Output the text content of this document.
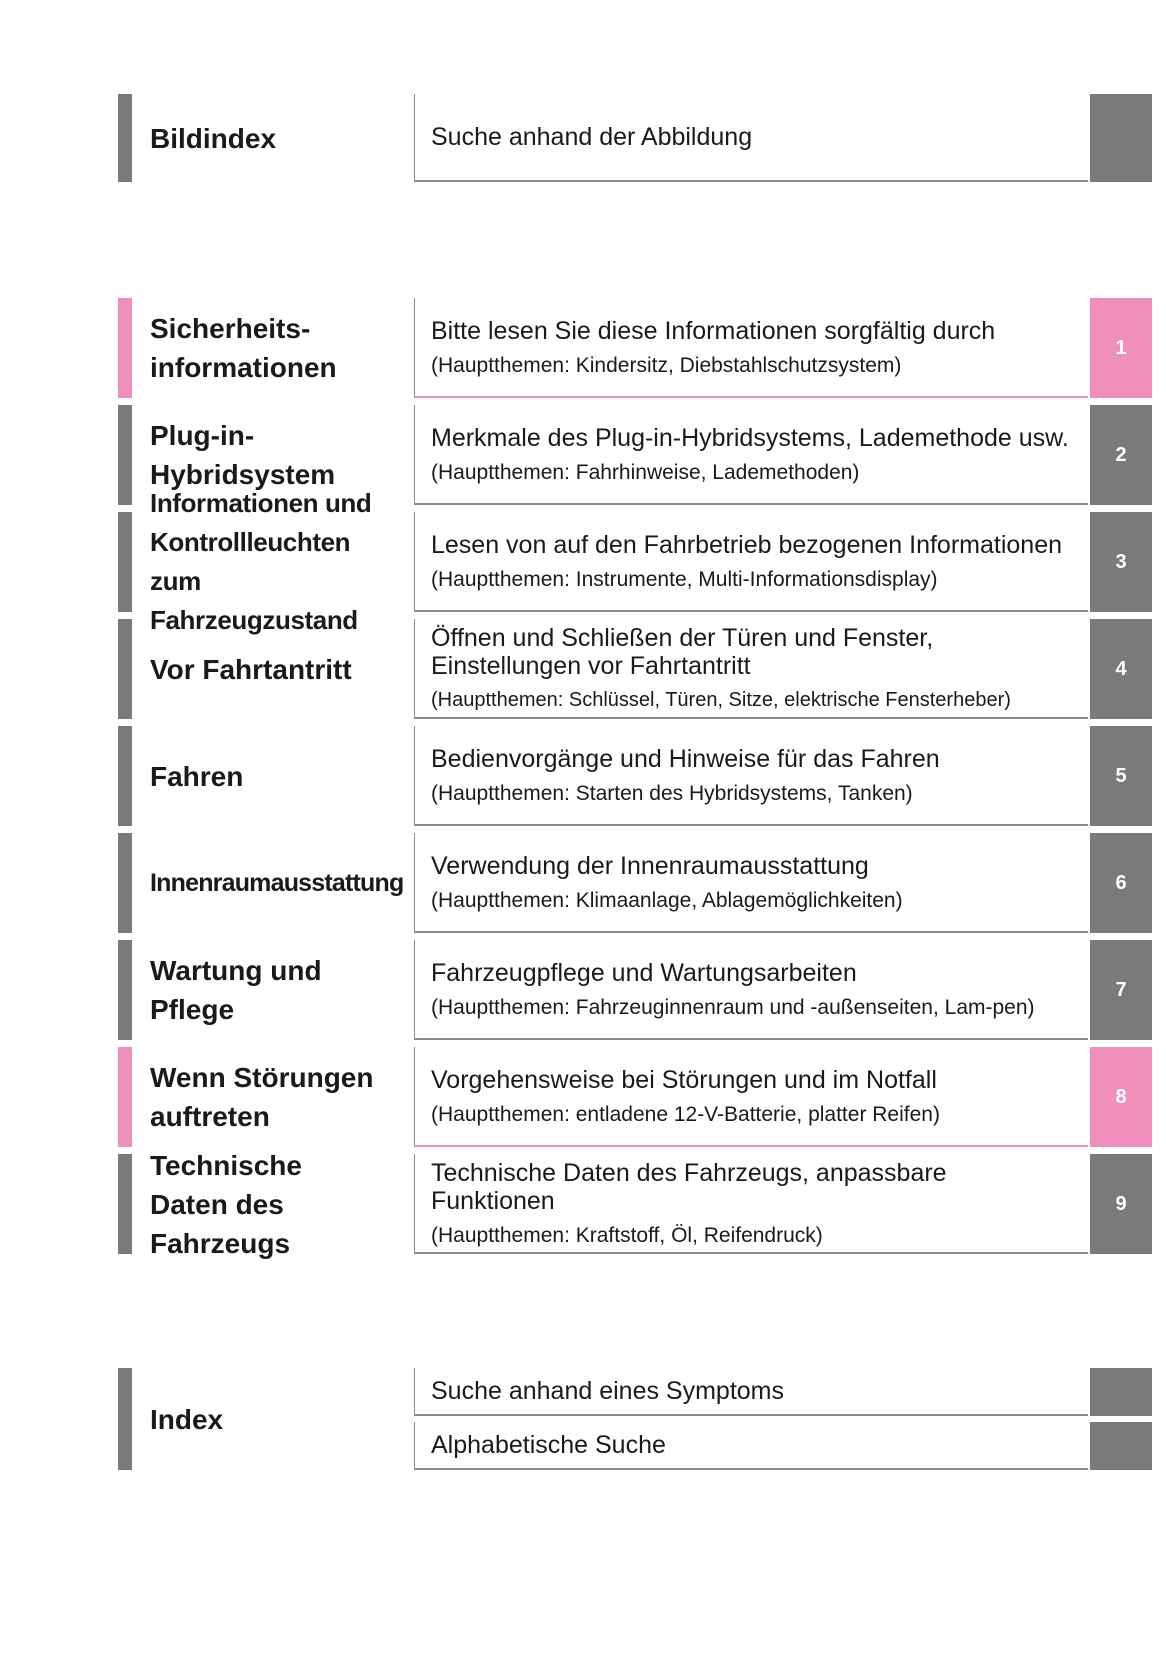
Bildindex	Suche anhand der Abbildung
Sicherheits-
informationen
Bitte lesen Sie diese Informationen sorgfältig durch
(Hauptthemen: Kindersitz, Diebstahlschutzsystem)
1
Plug-in-
Hybridsystem
Merkmale des Plug-in-Hybridsystems, Lademethode usw.
(Hauptthemen: Fahrhinweise, Lademethoden)
2
Informationen und
Kontrollleuchten zum
Fahrzeugzustand
Lesen von auf den Fahrbetrieb bezogenen Informationen
(Hauptthemen: Instrumente, Multi-Informationsdisplay)
3
Vor Fahrtantritt
Öffnen und Schließen der Türen und Fenster, Einstellungen vor Fahrtantritt
(Hauptthemen: Schlüssel, Türen, Sitze, elektrische Fensterheber)
4
Fahren
Bedienvorgänge und Hinweise für das Fahren
(Hauptthemen: Starten des Hybridsystems, Tanken)
5
Innenraumausstattung
Verwendung der Innenraumausstattung
(Hauptthemen: Klimaanlage, Ablagemöglichkeiten)
6
Wartung und
Pflege
Fahrzeugpflege und Wartungsarbeiten
(Hauptthemen: Fahrzeuginnenraum und -außenseiten, Lam-pen)
7
Wenn Störungen
auftreten
Vorgehensweise bei Störungen und im Notfall
(Hauptthemen: entladene 12-V-Batterie, platter Reifen)
8
Technische
Daten des
Fahrzeugs
Technische Daten des Fahrzeugs, anpassbare Funktionen
(Hauptthemen: Kraftstoff, Öl, Reifendruck)
9
Index
Suche anhand eines Symptoms
Alphabetische Suche
